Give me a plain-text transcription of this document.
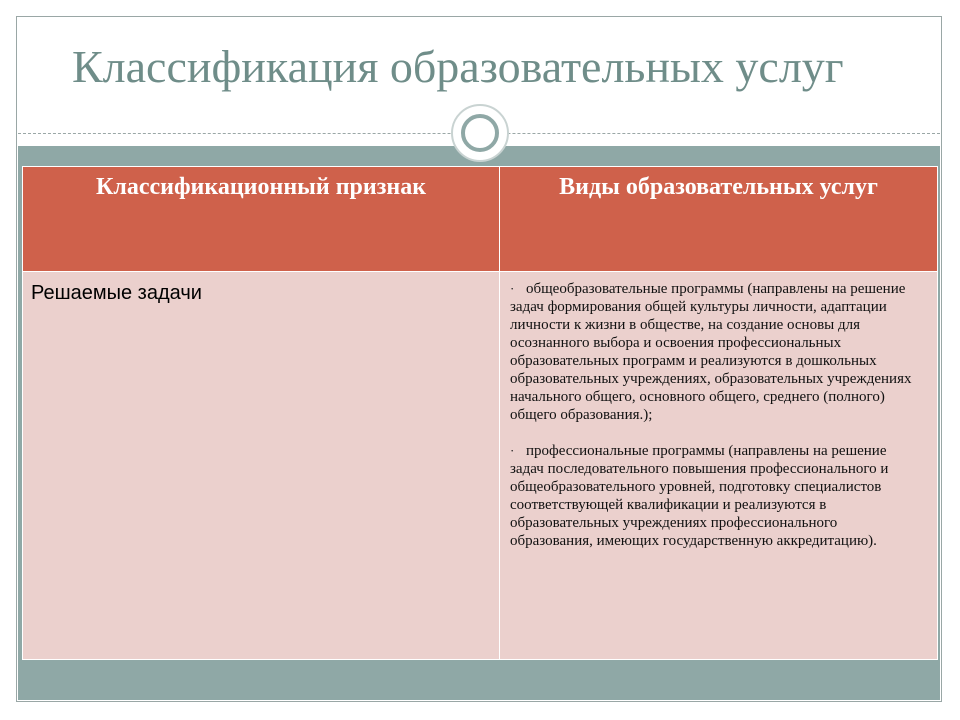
Классификация образовательных услуг
Классификационный признак	Виды образовательных услуг
Решаемые задачи	· общеобразовательные программы (направлены на решение задач формирования общей культуры личности, адаптации личности к жизни в обществе, на создание основы для осознанного выбора и освоения профессиональных образовательных программ и реализуются в дошкольных образовательных учреждениях, образовательных учреждениях начального общего, основного общего, среднего (полного) общего образования.);
· профессиональные программы (направлены на решение задач последовательного повышения профессионального и общеобразовательного уровней, подготовку специалистов соответствующей квалификации и реализуются в образовательных учреждениях профессионального образования, имеющих государственную аккредитацию).
